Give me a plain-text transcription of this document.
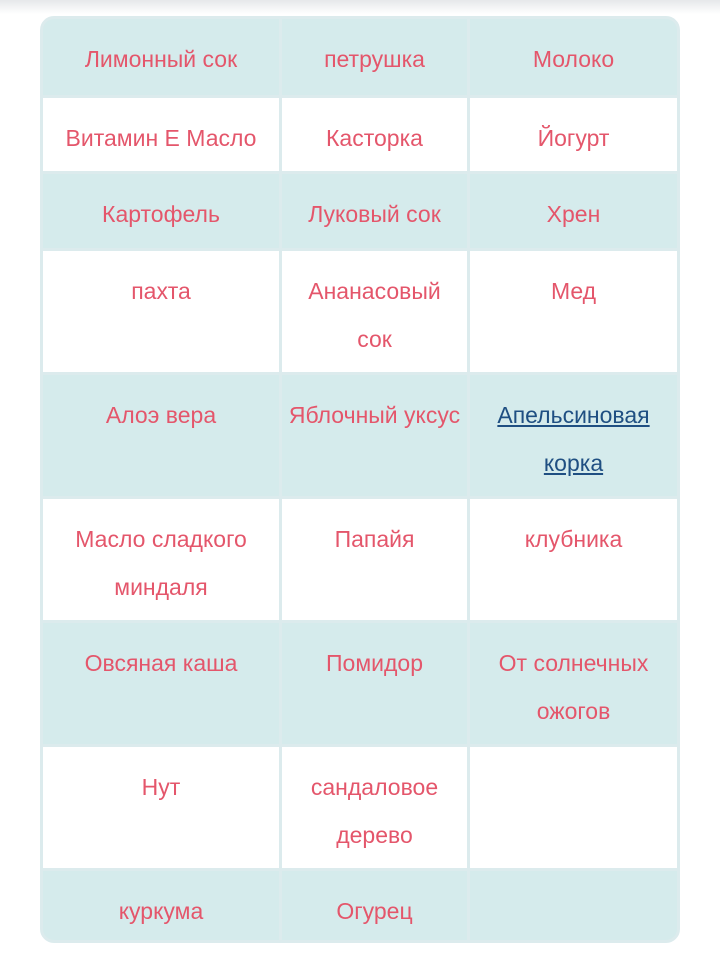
Лимонный сок	петрушка	Молоко
Витамин Е Масло	Касторка	Йогурт
Картофель	Луковый сок	Хрен
пахта	Ананасовый сок	Мед
Алоэ вера	Яблочный уксус	Апельсиновая корка
Масло сладкого миндаля	Папайя	клубника
Овсяная каша	Помидор	От солнечных ожогов
Нут	сандаловое дерево	
куркума	Огурец	
